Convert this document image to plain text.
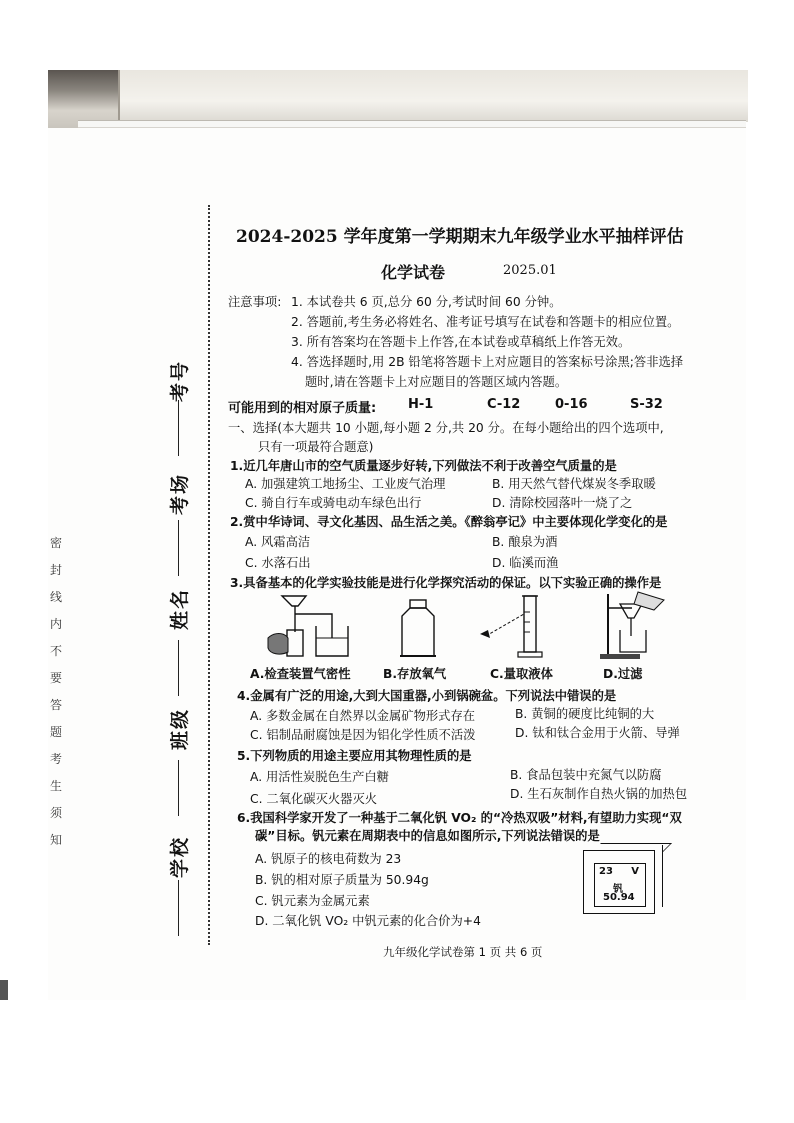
考号
考场
姓名
班级
学校
密
封
线
内
不
要
答
题
考
生
须
知
2024-2025 学年度第一学期期末九年级学业水平抽样评估
化学试卷	2025.01
注意事项: 1. 本试卷共 6 页,总分 60 分,考试时间 60 分钟。
2. 答题前,考生务必将姓名、准考证号填写在试卷和答题卡的相应位置。
3. 所有答案均在答题卡上作答,在本试卷或草稿纸上作答无效。
4. 答选择题时,用 2B 铅笔将答题卡上对应题目的答案标号涂黑;答非选择
题时,请在答题卡上对应题目的答题区域内答题。
可能用到的相对原子质量: H-1	C-12	0-16	S-32
一、选择(本大题共 10 小题,每小题 2 分,共 20 分。在每小题给出的四个选项中,
只有一项最符合题意)
1.近几年唐山市的空气质量逐步好转,下列做法不利于改善空气质量的是
A. 加强建筑工地扬尘、工业废气治理	B. 用天然气替代煤炭冬季取暖
C. 骑自行车或骑电动车绿色出行	D. 清除校园落叶一烧了之
2.赏中华诗词、寻文化基因、品生活之美。《醉翁亭记》中主要体现化学变化的是
A. 风霜高洁	B. 酿泉为酒
C. 水落石出	D. 临溪而渔
3.具备基本的化学实验技能是进行化学探究活动的保证。以下实验正确的操作是
A.检查装置气密性	B.存放氧气	C.量取液体	D.过滤
4.金属有广泛的用途,大到大国重器,小到锅碗盆。下列说法中错误的是
A. 多数金属在自然界以金属矿物形式存在	B. 黄铜的硬度比纯铜的大
C. 铝制品耐腐蚀是因为铝化学性质不活泼	D. 钛和钛合金用于火箭、导弹
5.下列物质的用途主要应用其物理性质的是
A. 用活性炭脱色生产白糖	B. 食品包装中充氮气以防腐
C. 二氧化碳灭火器灭火	D. 生石灰制作自热火锅的加热包
6.我国科学家开发了一种基于二氧化钒 VO₂ 的“冷热双吸”材料,有望助力实现“双
碳”目标。钒元素在周期表中的信息如图所示,下列说法错误的是
A. 钒原子的核电荷数为 23
B. 钒的相对原子质量为 50.94g
C. 钒元素为金属元素
D. 二氧化钒 VO₂ 中钒元素的化合价为+4
23 V
钒
50.94
九年级化学试卷第 1 页 共 6 页
